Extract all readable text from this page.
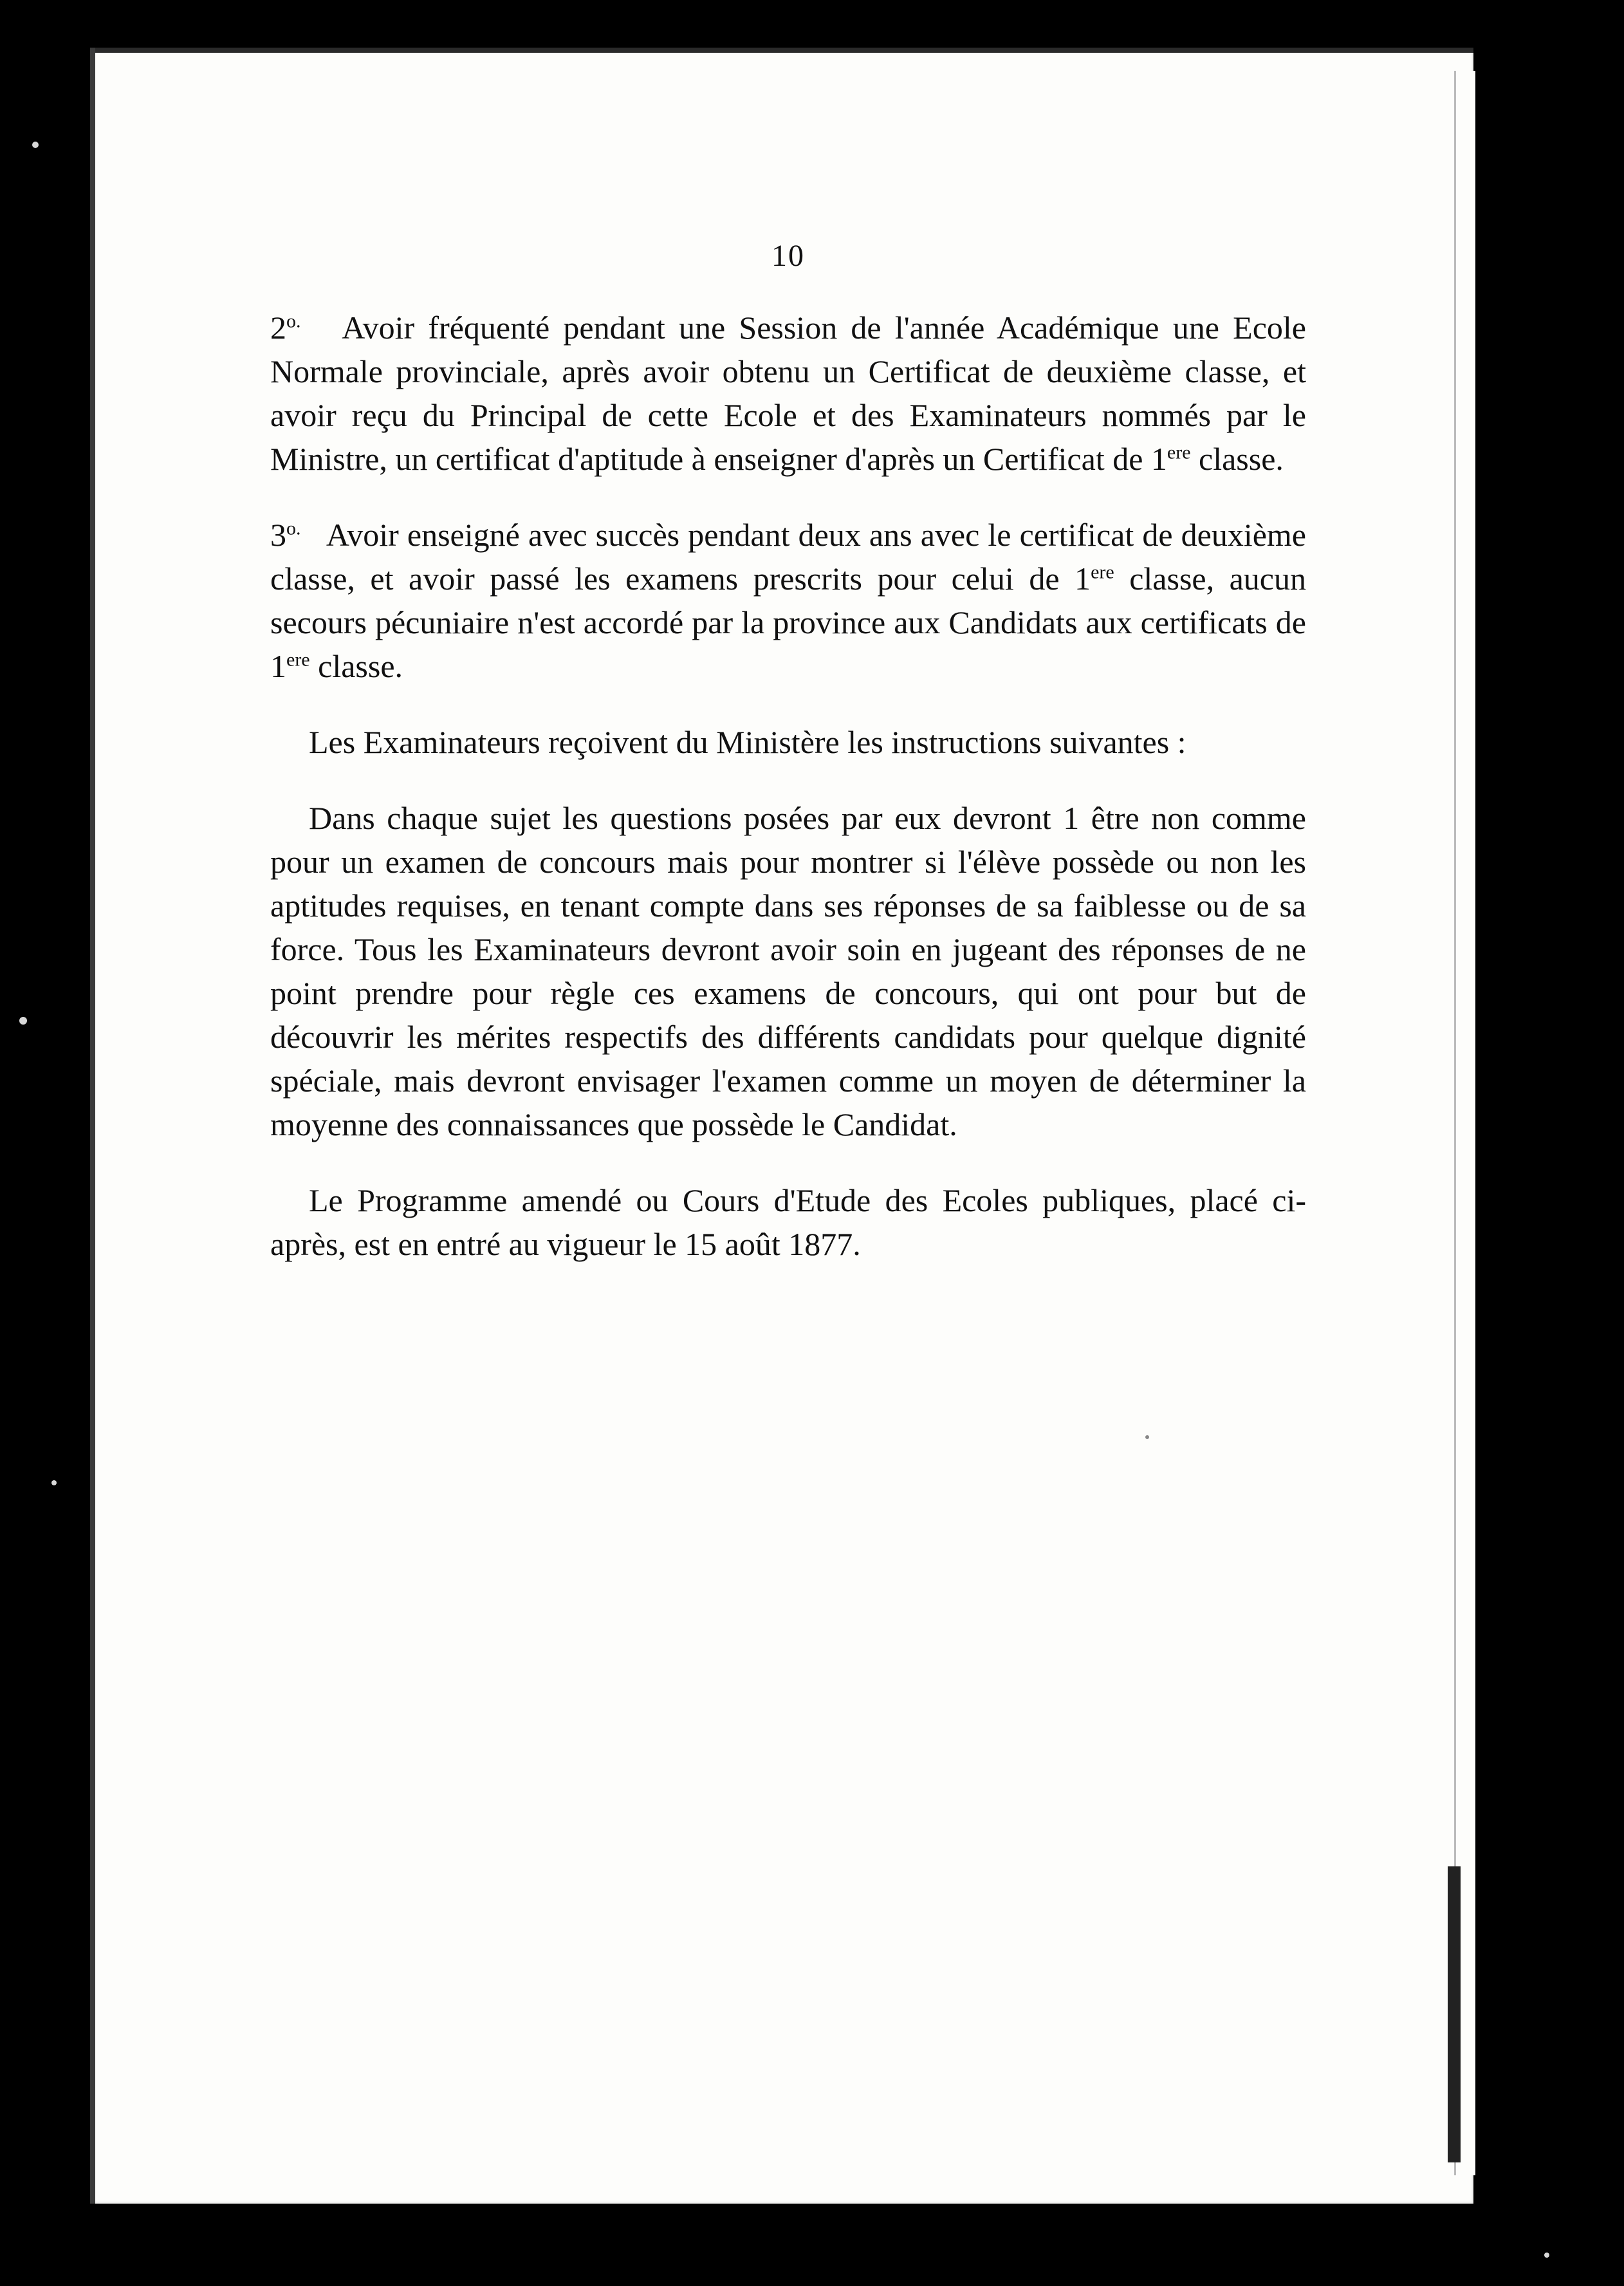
10

$2^{o.}$ Avoir fréquenté pendant une Session de l'année Académique une Ecole Normale provinciale, après avoir obtenu un Certificat de deuxième classe, et avoir reçu du Principal de cette Ecole et des Examinateurs nommés par le Ministre, un certificat d'aptitude à enseigner d'après un Certificat de 1ere classe.

$3^{o.}$ Avoir enseigné avec succès pendant deux ans avec le certificat de deuxième classe, et avoir passé les examens prescrits pour celui de 1ere classe, aucun secours pécuniaire n'est accordé par la province aux Candidats aux certificats de 1ere classe.

Les Examinateurs reçoivent du Ministère les instructions suivantes :

Dans chaque sujet les questions posées par eux devront 1 être non comme pour un examen de concours mais pour montrer si l'élève possède ou non les aptitudes requises, en tenant compte dans ses réponses de sa faiblesse ou de sa force. Tous les Examinateurs devront avoir soin en jugeant des réponses de ne point prendre pour règle ces examens de concours, qui ont pour but de découvrir les mérites respectifs des différents candidats pour quelque dignité spéciale, mais devront envisager l'examen comme un moyen de déterminer la moyenne des connaissances que possède le Candidat.

Le Programme amendé ou Cours d'Etude des Ecoles publiques, placé ci-après, est en entré au vigueur le 15 août 1877.
